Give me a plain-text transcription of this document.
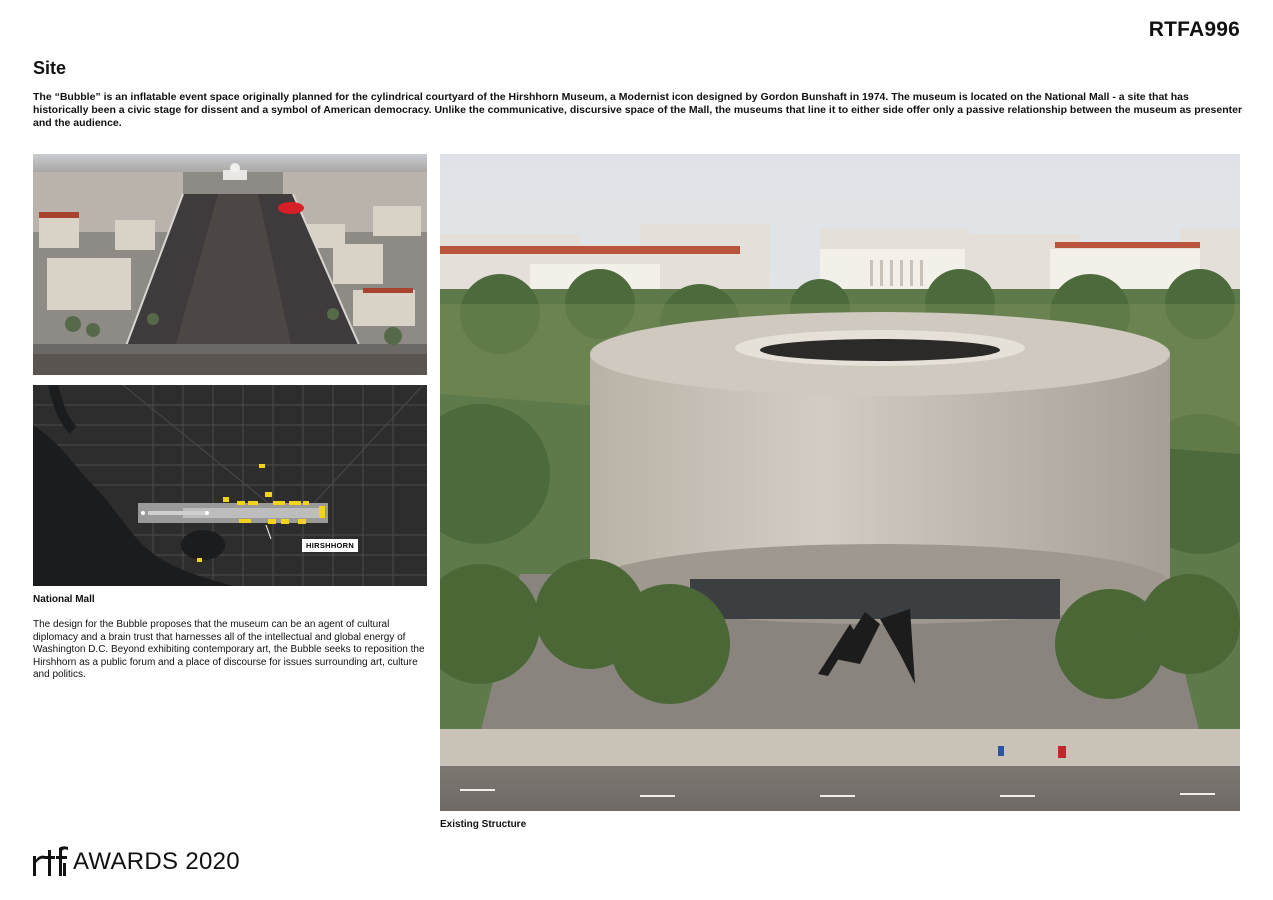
RTFA996
Site
The “Bubble” is an inflatable event space originally planned for the cylindrical courtyard of the Hirshhorn Museum, a Modernist icon designed by Gordon Bunshaft in 1974. The museum is located on the National Mall - a site that has historically been a civic stage for dissent and a symbol of American democracy. Unlike the communicative, discursive space of the Mall, the museums that line it to either side offer only a passive relationship between the museum as presenter and the audience.
HIRSHHORN
National Mall
The design for the Bubble proposes that the museum can be an agent of cultural diplomacy and a brain trust that harnesses all of the intellectual and global energy of Washington D.C. Beyond exhibiting contemporary art, the Bubble seeks to reposition the Hirshhorn as a public forum and a place of discourse for issues surrounding art, culture and politics.
Existing Structure
AWARDS 2020
